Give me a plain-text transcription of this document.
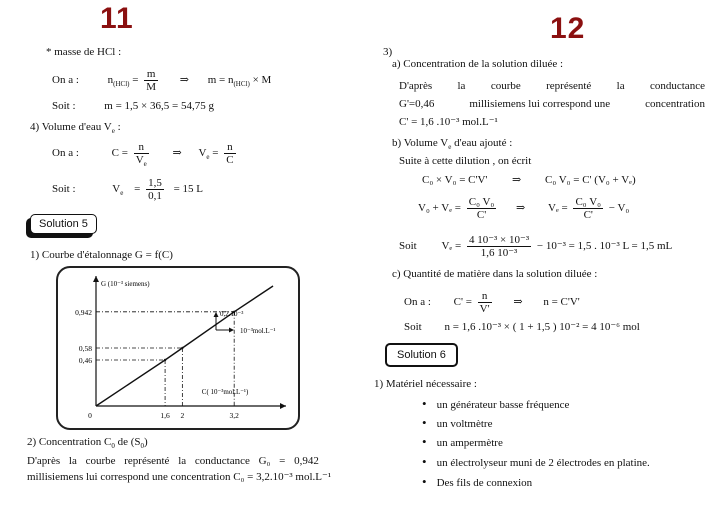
11	12
* masse de HCl :
On a :	$n_{(HCl)} = \frac{m}{M}$ ⇒ $m = n_{(HCl)} \times M$
Soit :	m = 1,5 × 36,5 = 54,75 g
4) Volume d'eau $V_e$ :
On a :	$C = \frac{n}{V_e}$ ⇒ $V_e = \frac{n}{C}$
Soit :	$V_e = \frac{1,5}{0,1} = 15$ L
Solution 5
1) Courbe d'étalonnage G = f(C)
0,46
0,58
0,942
0	1,6 2	3,2
G (10⁻³ siemens)
C( 10⁻³mol.L⁻¹)
0,2.10⁻³
10⁻³mol.L⁻¹
2) Concentration $C_0$ de $(S_0)$
D'après la courbe représenté la conductance G₀ = 0,942
millisiemens lui correspond une concentration C₀ = 3,2.10⁻³ mol.L⁻¹
3)
a) Concentration de la solution diluée :
D'après la courbe représenté la conductance
G'=0,46	millisiemens lui correspond une	concentration
C' = 1,6 .10⁻³ mol.L⁻¹
b) Volume $V_e$ d'eau ajouté :
Suite à cette dilution , on écrit
C₀ × V₀ = C'V' ⇒ C₀ V₀ = C' (V₀ + Vₑ)
$V_0 + V_e = \frac{\text{C₀ V₀}}{C'}$ ⇒ $V_e = \frac{\text{C₀ V₀}}{C'} - V_0$
Soit $V_e = \frac{\text{4 10⁻³ × 10⁻³}}{\text{1,6 10⁻³}} - 10^{-3} = 1,5$ . 10⁻³ L = 1,5 mL
c) Quantité de matière dans la solution diluée :
On a : $C' = \frac{n}{V'}$ ⇒ n = C'V'
Soit n = 1,6 .10⁻³ × ( 1 + 1,5 ) 10⁻² = 4 10⁻⁶ mol
Solution 6
1) Matériel nécessaire :
• un générateur basse fréquence
• un voltmètre
• un ampermètre
• un électrolyseur muni de 2 électrodes en platine.
• Des fils de connexion
